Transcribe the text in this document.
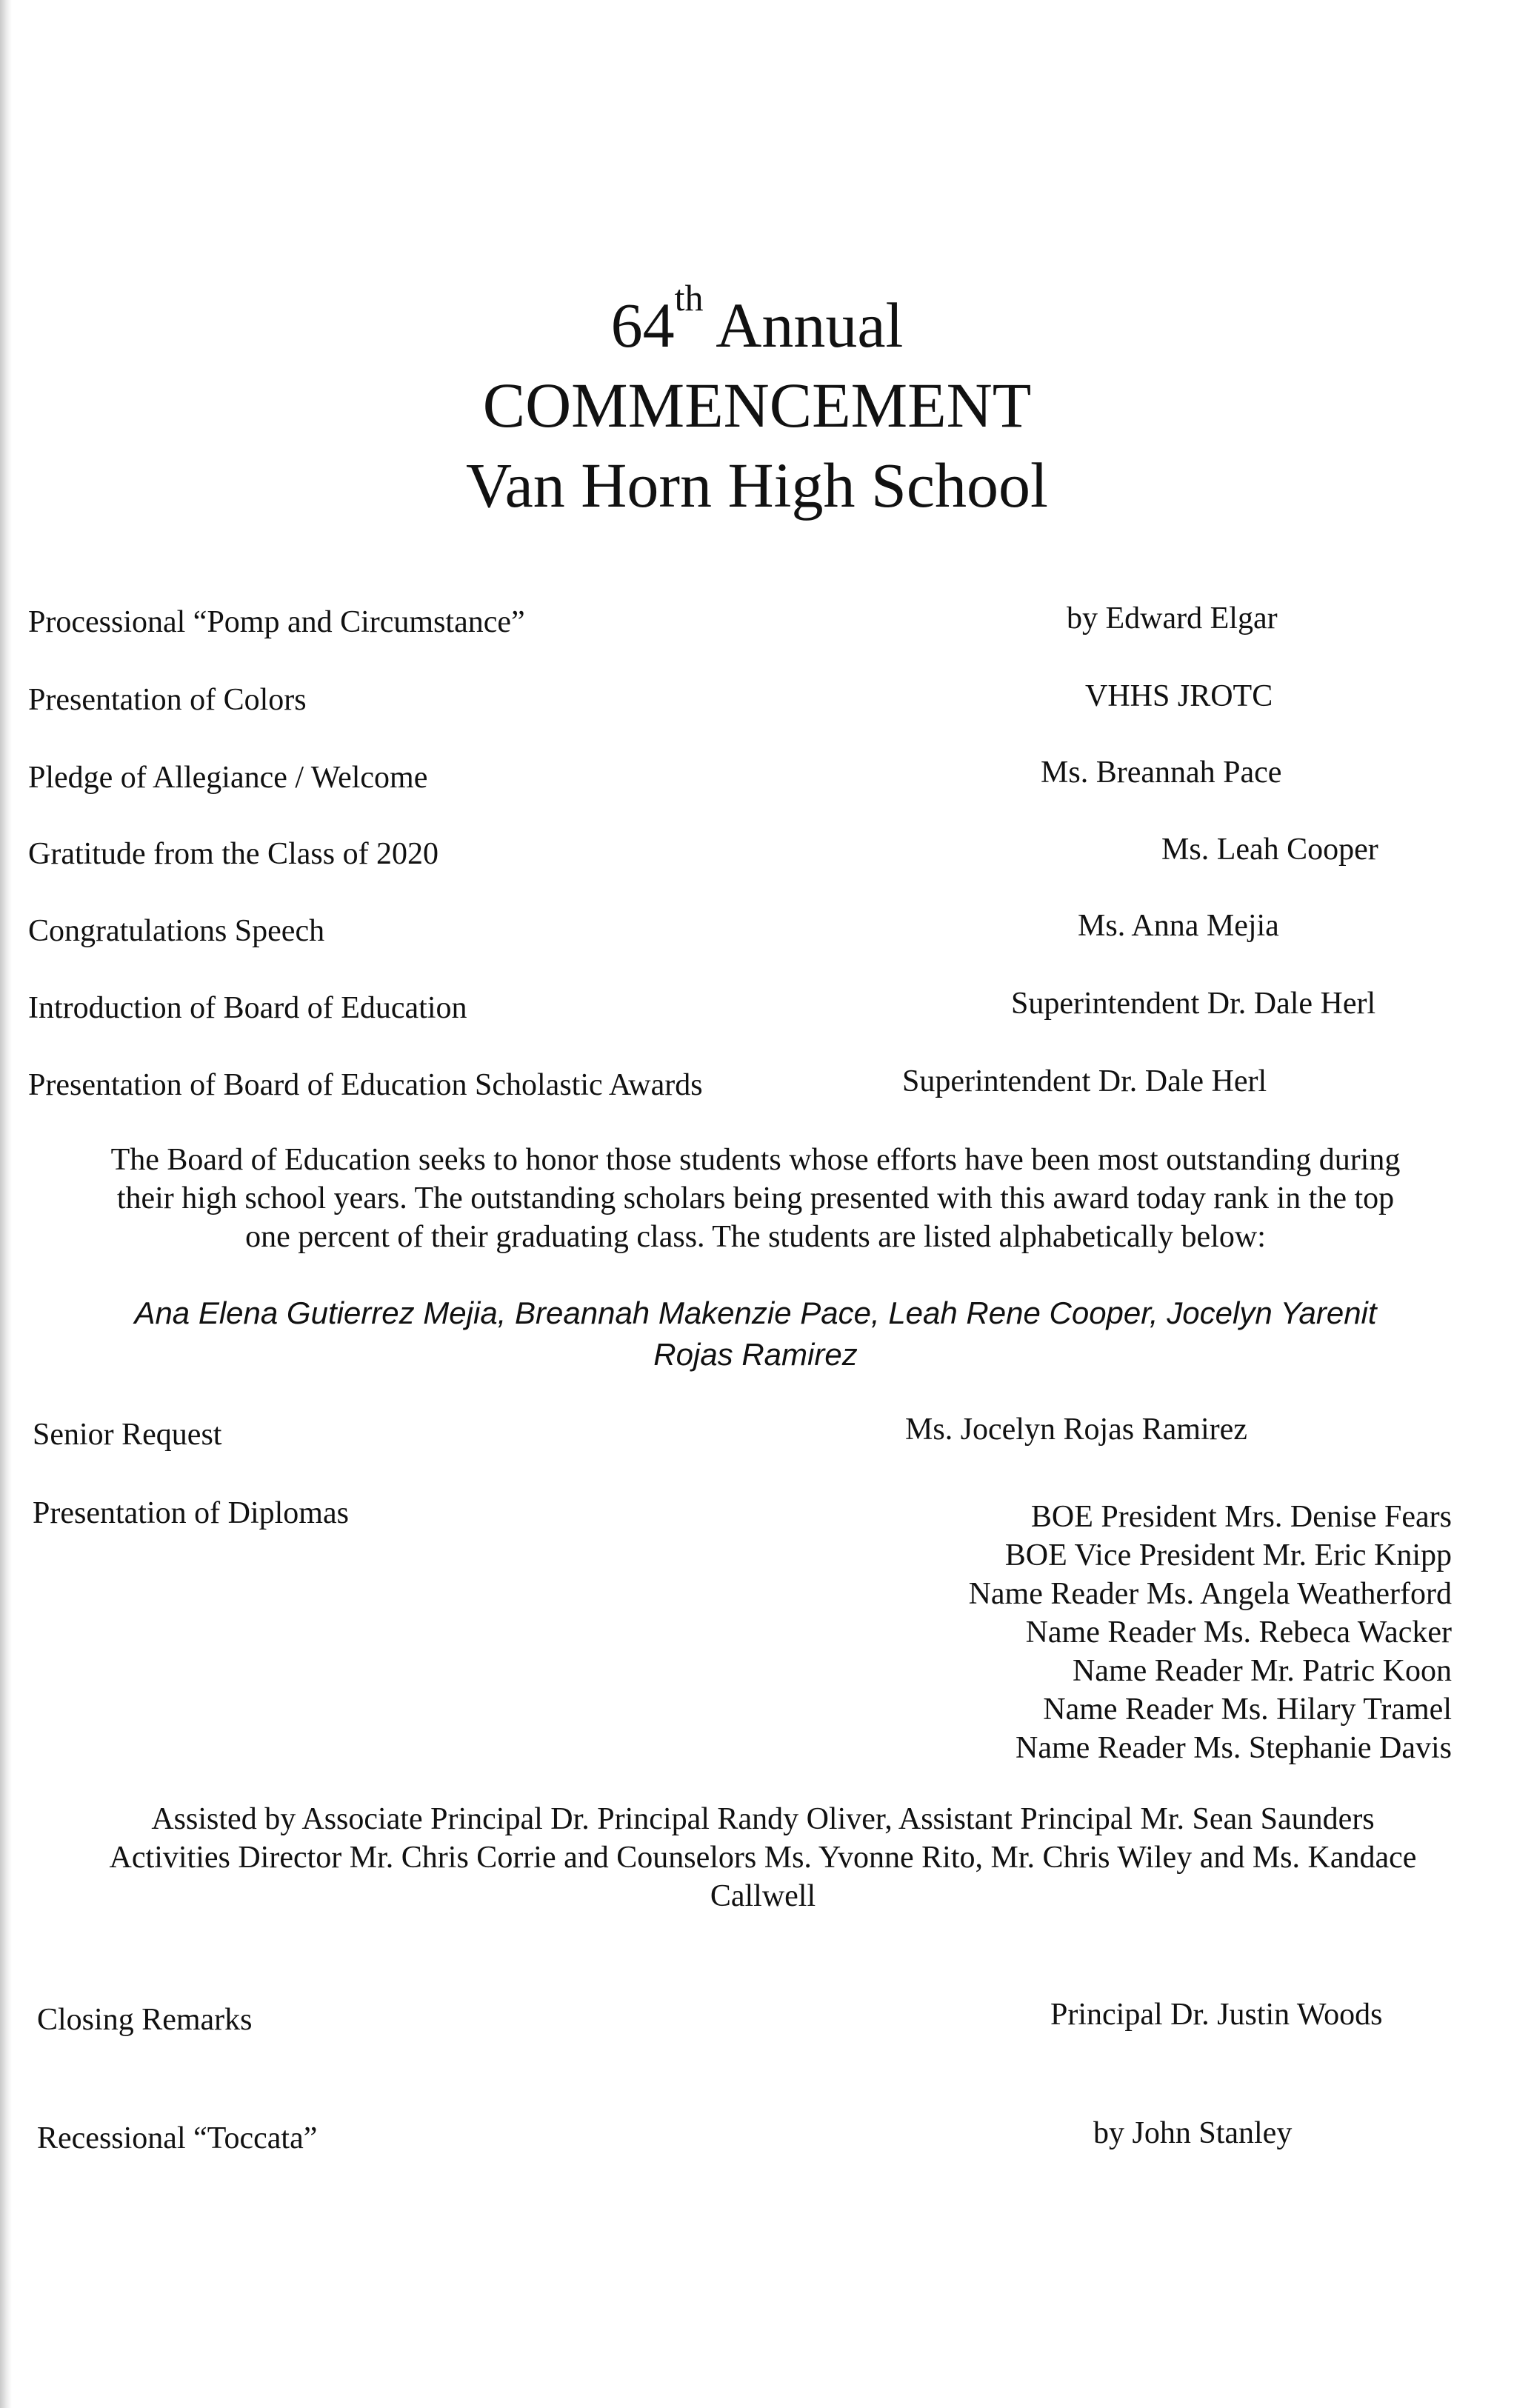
64th Annual
COMMENCEMENT
Van Horn High School
Processional “Pomp and Circumstance”	by Edward Elgar
Presentation of Colors	VHHS JROTC
Pledge of Allegiance / Welcome	Ms. Breannah Pace
Gratitude from the Class of 2020	Ms. Leah Cooper
Congratulations Speech	Ms. Anna Mejia
Introduction of Board of Education	Superintendent Dr. Dale Herl
Presentation of Board of Education Scholastic Awards	Superintendent Dr. Dale Herl
The Board of Education seeks to honor those students whose efforts have been most outstanding during
their high school years. The outstanding scholars being presented with this award today rank in the top
one percent of their graduating class. The students are listed alphabetically below:
Ana Elena Gutierrez Mejia, Breannah Makenzie Pace, Leah Rene Cooper, Jocelyn Yarenit
Rojas Ramirez
Senior Request	Ms. Jocelyn Rojas Ramirez
Presentation of Diplomas	BOE President Mrs. Denise Fears
BOE Vice President Mr. Eric Knipp
Name Reader Ms. Angela Weatherford
Name Reader Ms. Rebeca Wacker
Name Reader Mr. Patric Koon
Name Reader Ms. Hilary Tramel
Name Reader Ms. Stephanie Davis
Assisted by Associate Principal Dr. Principal Randy Oliver, Assistant Principal Mr. Sean Saunders
Activities Director Mr. Chris Corrie and Counselors Ms. Yvonne Rito, Mr. Chris Wiley and Ms. Kandace
Callwell
Closing Remarks	Principal Dr. Justin Woods
Recessional “Toccata”	by John Stanley
